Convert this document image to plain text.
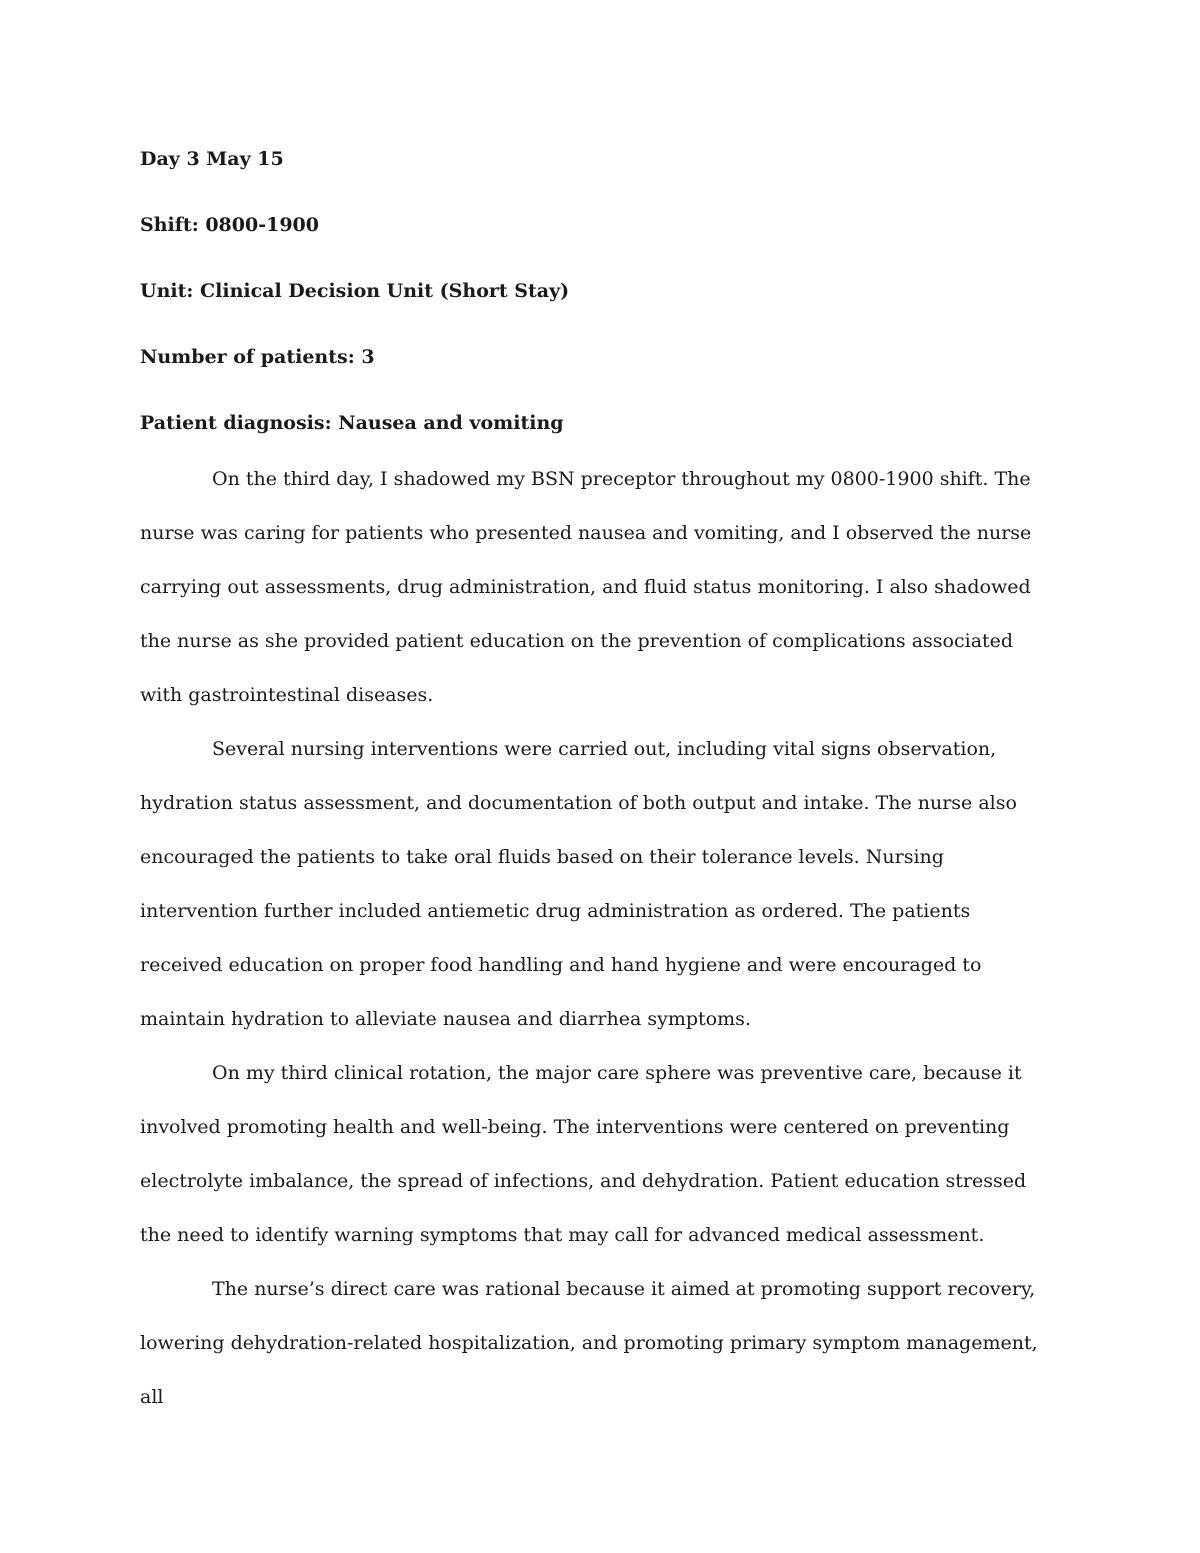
Day 3 May 15

Shift: 0800-1900

Unit: Clinical Decision Unit (Short Stay)

Number of patients: 3

Patient diagnosis: Nausea and vomiting

On the third day, I shadowed my BSN preceptor throughout my 0800-1900 shift. The nurse was caring for patients who presented nausea and vomiting, and I observed the nurse carrying out assessments, drug administration, and fluid status monitoring. I also shadowed the nurse as she provided patient education on the prevention of complications associated with gastrointestinal diseases.

Several nursing interventions were carried out, including vital signs observation, hydration status assessment, and documentation of both output and intake. The nurse also encouraged the patients to take oral fluids based on their tolerance levels. Nursing intervention further included antiemetic drug administration as ordered. The patients received education on proper food handling and hand hygiene and were encouraged to maintain hydration to alleviate nausea and diarrhea symptoms.

On my third clinical rotation, the major care sphere was preventive care, because it involved promoting health and well-being. The interventions were centered on preventing electrolyte imbalance, the spread of infections, and dehydration. Patient education stressed the need to identify warning symptoms that may call for advanced medical assessment.

The nurse’s direct care was rational because it aimed at promoting support recovery, lowering dehydration-related hospitalization, and promoting primary symptom management, all
